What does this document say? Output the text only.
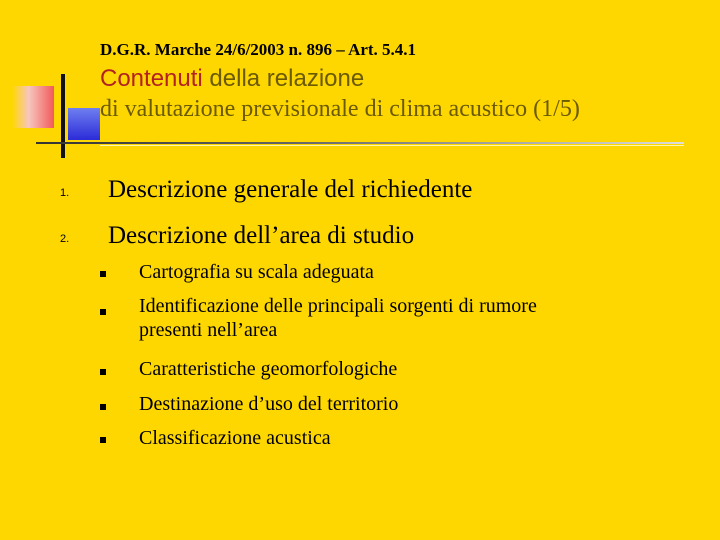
D.G.R. Marche 24/6/2003 n. 896 – Art. 5.4.1
Contenuti della relazione
di valutazione previsionale di clima acustico (1/5)
1. Descrizione generale del richiedente
2. Descrizione dell’area di studio
Cartografia su scala adeguata
Identificazione delle principali sorgenti di rumore
presenti nell’area
Caratteristiche geomorfologiche
Destinazione d’uso del territorio
Classificazione acustica
